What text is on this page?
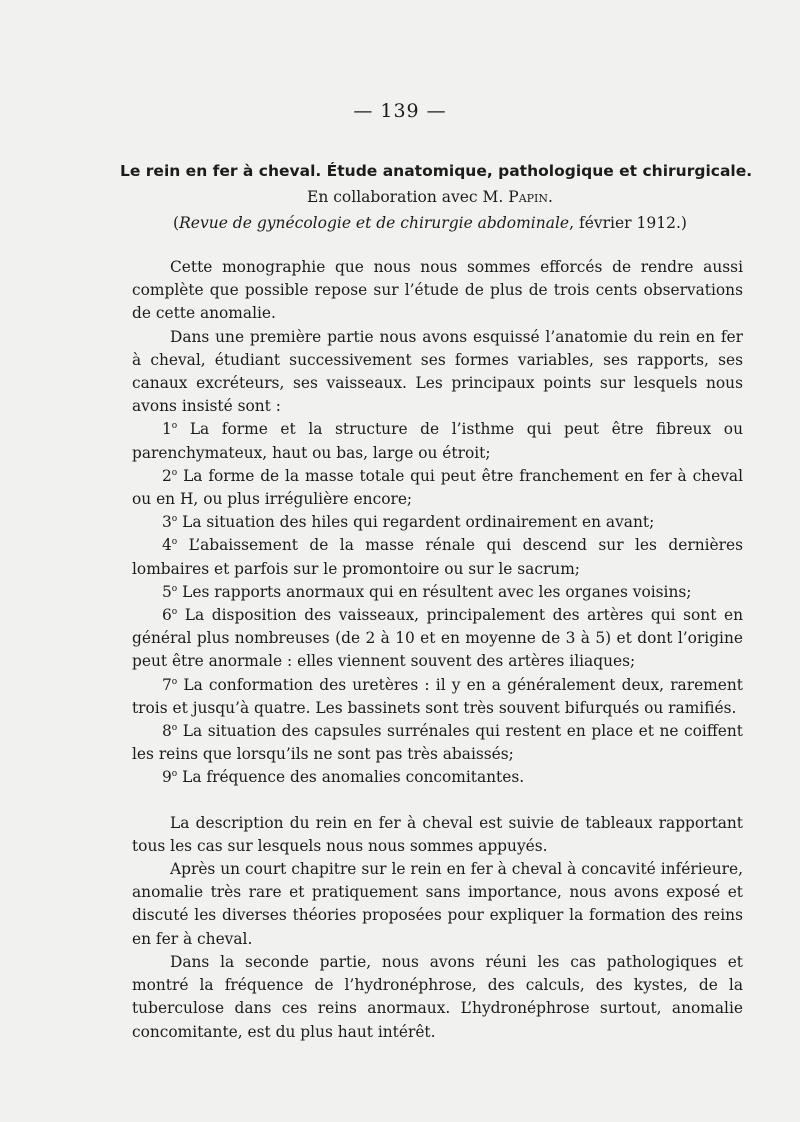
— 139 —

Le rein en fer à cheval. Étude anatomique, pathologique et chirurgicale.

En collaboration avec M. Papin.

(Revue de gynécologie et de chirurgie abdominale, février 1912.)

Cette monographie que nous nous sommes efforcés de rendre aussi complète que possible repose sur l’étude de plus de trois cents observations de cette anomalie.

Dans une première partie nous avons esquissé l’anatomie du rein en fer à cheval, étudiant successivement ses formes variables, ses rapports, ses canaux excréteurs, ses vaisseaux. Les principaux points sur lesquels nous avons insisté sont :

1$^o$ La forme et la structure de l’isthme qui peut être fibreux ou parenchymateux, haut ou bas, large ou étroit;

2$^o$ La forme de la masse totale qui peut être franchement en fer à cheval ou en H, ou plus irrégulière encore;

3$^o$ La situation des hiles qui regardent ordinairement en avant;

4$^o$ L’abaissement de la masse rénale qui descend sur les dernières lombaires et parfois sur le promontoire ou sur le sacrum;

5$^o$ Les rapports anormaux qui en résultent avec les organes voisins;

6$^o$ La disposition des vaisseaux, principalement des artères qui sont en général plus nombreuses (de 2 à 10 et en moyenne de 3 à 5) et dont l’origine peut être anormale : elles viennent souvent des artères iliaques;

7$^o$ La conformation des uretères : il y en a généralement deux, rarement trois et jusqu’à quatre. Les bassinets sont très souvent bifurqués ou ramifiés.

8$^o$ La situation des capsules surrénales qui restent en place et ne coiffent les reins que lorsqu’ils ne sont pas très abaissés;

9$^o$ La fréquence des anomalies concomitantes.

La description du rein en fer à cheval est suivie de tableaux rapportant tous les cas sur lesquels nous nous sommes appuyés.

Après un court chapitre sur le rein en fer à cheval à concavité inférieure, anomalie très rare et pratiquement sans importance, nous avons exposé et discuté les diverses théories proposées pour expliquer la formation des reins en fer à cheval.

Dans la seconde partie, nous avons réuni les cas pathologiques et montré la fréquence de l’hydronéphrose, des calculs, des kystes, de la tuberculose dans ces reins anormaux. L’hydronéphrose surtout, anomalie concomitante, est du plus haut intérêt.
